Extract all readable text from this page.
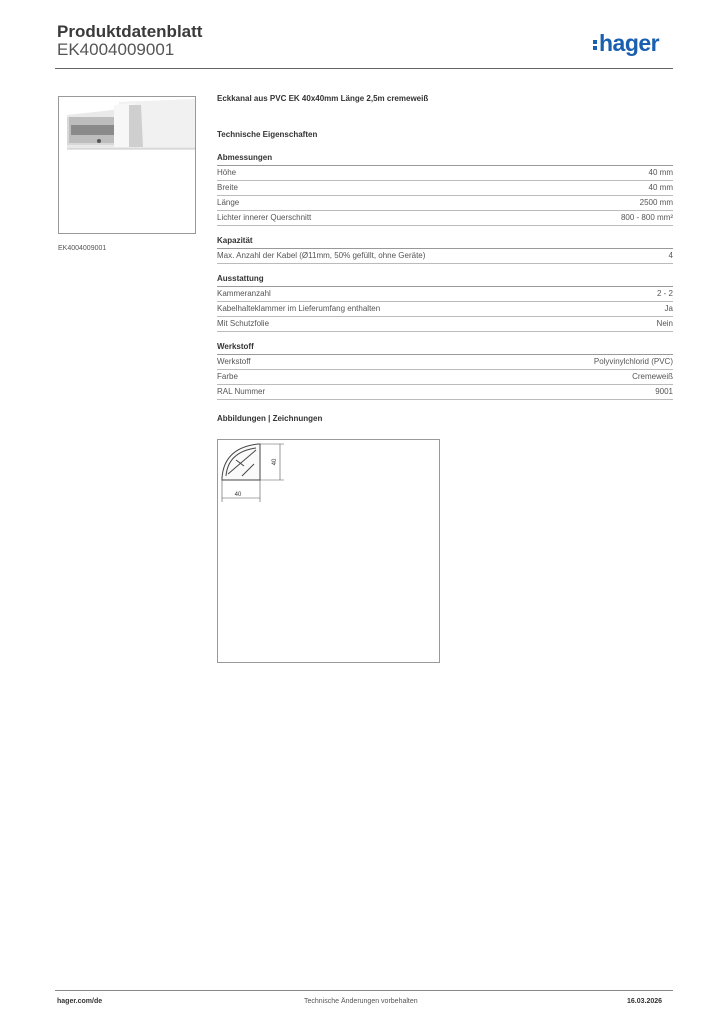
Produktdatenblatt
EK4004009001	hager
EK4004009001
Eckkanal aus PVC EK 40x40mm Länge 2,5m cremeweiß
Technische Eigenschaften
Abmessungen
Höhe	40 mm
Breite	40 mm
Länge	2500 mm
Lichter innerer Querschnitt	800 - 800 mm²
Kapazität
Max. Anzahl der Kabel (Ø11mm, 50% gefüllt, ohne Geräte)	4
Ausstattung
Kammeranzahl	2 - 2
Kabelhalteklammer im Lieferumfang enthalten	Ja
Mit Schutzfolie	Nein
Werkstoff
Werkstoff	Polyvinylchlorid (PVC)
Farbe	Cremeweiß
RAL Nummer	9001
Abbildungen | Zeichnungen
40
40
hager.com/de	Technische Änderungen vorbehalten	16.03.2026
